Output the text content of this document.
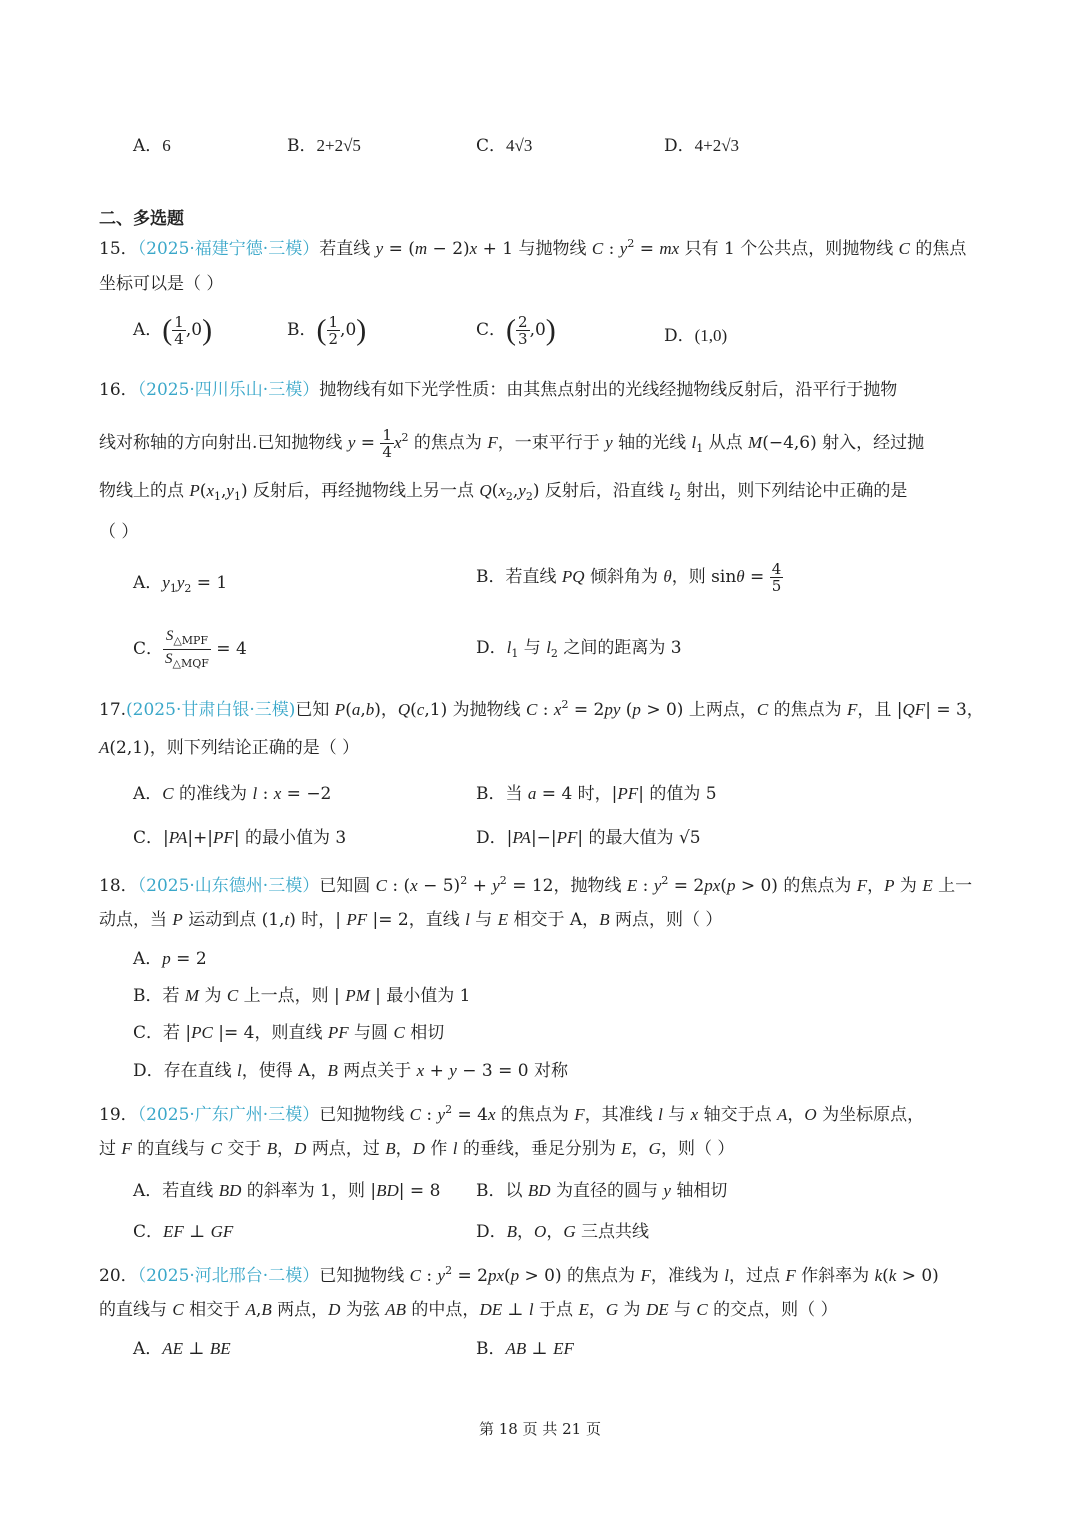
A．6	B．2+2√5	C．4√3	D．4+2√3
二、多选题
15．（2025·福建宁德·三模）若直线 y = (m − 2)x + 1 与抛物线 C : $y^2$ = mx 只有 1 个公共点，则抛物线 C 的焦点
坐标可以是（ ）
A．( $\frac{1}{4} ,0$)	B．( $\frac{1}{2} ,0$)	C．( $\frac{2}{3} ,0$)	D．(1,0)
16．（2025·四川乐山·三模）抛物线有如下光学性质：由其焦点射出的光线经抛物线反射后，沿平行于抛物
线对称轴的方向射出.已知抛物线 $y = \frac{1}{4} x^2$ 的焦点为 F，一束平行于 y 轴的光线 $l_1$ 从点 M(−4,6) 射入，经过抛
物线上的点 $P(x_1,y_1)$ 反射后，再经抛物线上另一点 $Q(x_2,y_2)$ 反射后，沿直线 $l_2$ 射出，则下列结论中正确的是
（ ）
A．$y_1y_2 = 1$	B．若直线 PQ 倾斜角为 θ，则 $\sin\theta = \frac{4}{5}$
C． $\frac{S_{\triangle MPF}}{S_{\triangle MQF}} = 4$	D．$l_1$ 与 $l_2$ 之间的距离为 3
17.(2025·甘肃白银·三模)已知 P(a,b)，Q(c,1) 为抛物线 C : $x^2 = 2py$ (p > 0) 上两点，C 的焦点为 F，且 |QF| = 3，
A(2,1)，则下列结论正确的是（ ）
A．C 的准线为 l : x = −2	B．当 a = 4 时，|PF| 的值为 5
C．|PA|+|PF| 的最小值为 3	D．|PA|−|PF| 的最大值为 √5
18．（2025·山东德州·三模）已知圆 C : $(x - 5)^2 + y^2 = 12$，抛物线 E : $y^2 = 2px(p > 0)$ 的焦点为 F，P 为 E 上一
动点，当 P 运动到点 (1,t) 时，| PF |= 2，直线 l 与 E 相交于 A，B 两点，则（ ）
A．p = 2
B．若 M 为 C 上一点，则 | PM | 最小值为 1
C．若 |PC |= 4，则直线 PF 与圆 C 相切
D．存在直线 l，使得 A，B 两点关于 x + y − 3 = 0 对称
19．（2025·广东广州·三模）已知抛物线 C : $y^2 = 4x$ 的焦点为 F，其准线 l 与 x 轴交于点 A，O 为坐标原点，
过 F 的直线与 C 交于 B，D 两点，过 B，D 作 l 的垂线，垂足分别为 E，G，则（ ）
A．若直线 BD 的斜率为 1，则 |BD| = 8 B．以 BD 为直径的圆与 y 轴相切
C．EF ⊥ GF	D．B，O，G 三点共线
20．（2025·河北邢台·二模）已知抛物线 C : $y^2 = 2px(p > 0)$ 的焦点为 F，准线为 l，过点 F 作斜率为 k(k > 0)
的直线与 C 相交于 A,B 两点，D 为弦 AB 的中点，DE ⊥ l 于点 E，G 为 DE 与 C 的交点，则（ ）
A．AE ⊥ BE	B．AB ⊥ EF
第 18 页 共 21 页
